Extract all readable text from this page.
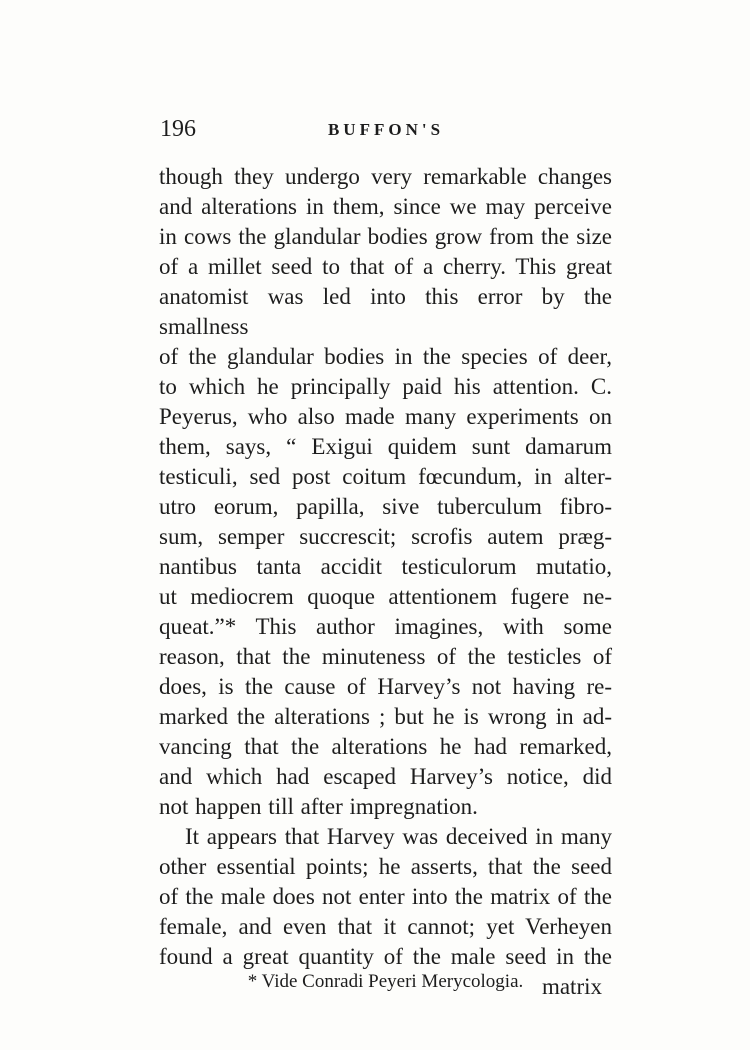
196	BUFFON'S
though they undergo very remarkable changes
and alterations in them, since we may perceive
in cows the glandular bodies grow from the size
of a millet seed to that of a cherry. This great
anatomist was led into this error by the smallness
of the glandular bodies in the species of deer,
to which he principally paid his attention. C.
Peyerus, who also made many experiments on
them, says, “ Exigui quidem sunt damarum
testiculi, sed post coitum fœcundum, in alter-
utro eorum, papilla, sive tuberculum fibro-
sum, semper succrescit; scrofis autem præg-
nantibus tanta accidit testiculorum mutatio,
ut mediocrem quoque attentionem fugere ne-
queat.”* This author imagines, with some
reason, that the minuteness of the testicles of
does, is the cause of Harvey’s not having re-
marked the alterations ; but he is wrong in ad-
vancing that the alterations he had remarked,
and which had escaped Harvey’s notice, did
not happen till after impregnation.
It appears that Harvey was deceived in many
other essential points; he asserts, that the seed
of the male does not enter into the matrix of the
female, and even that it cannot; yet Verheyen
found a great quantity of the male seed in the
matrix
* Vide Conradi Peyeri Merycologia.
